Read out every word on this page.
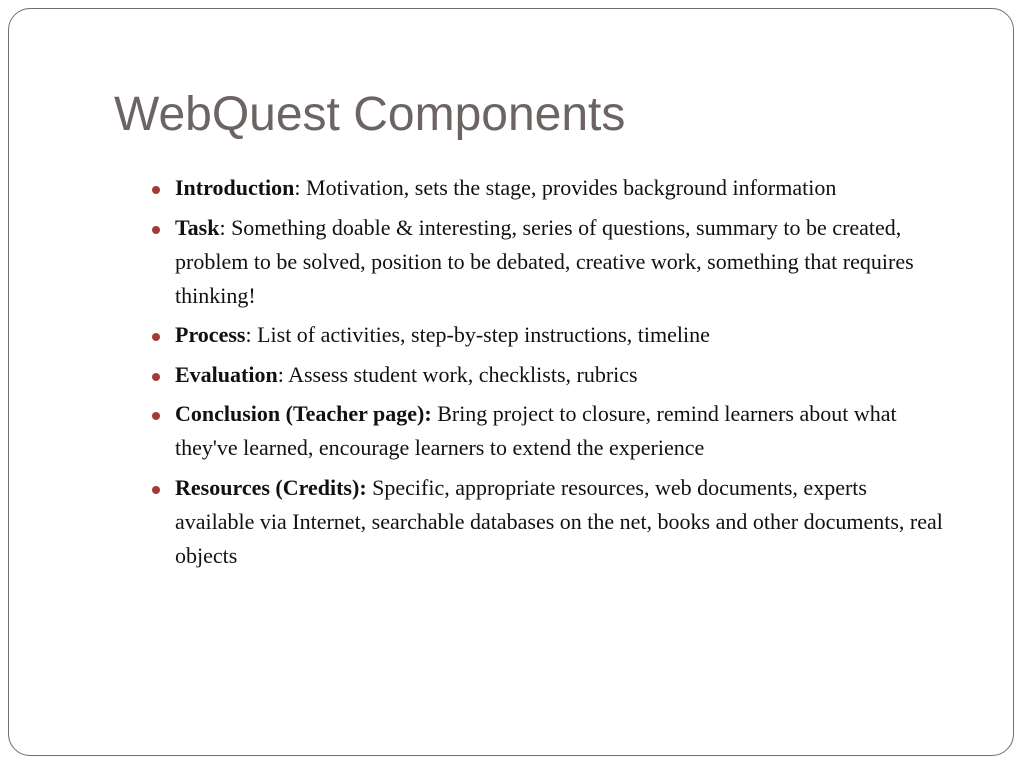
WebQuest Components
Introduction: Motivation, sets the stage, provides background information
Task: Something doable & interesting, series of questions, summary to be created, problem to be solved, position to be debated, creative work, something that requires thinking!
Process: List of activities, step-by-step instructions, timeline
Evaluation: Assess student work, checklists, rubrics
Conclusion (Teacher page): Bring project to closure, remind learners about what they've learned, encourage learners to extend the experience
Resources (Credits): Specific, appropriate resources, web documents, experts available via Internet, searchable databases on the net, books and other documents, real objects
